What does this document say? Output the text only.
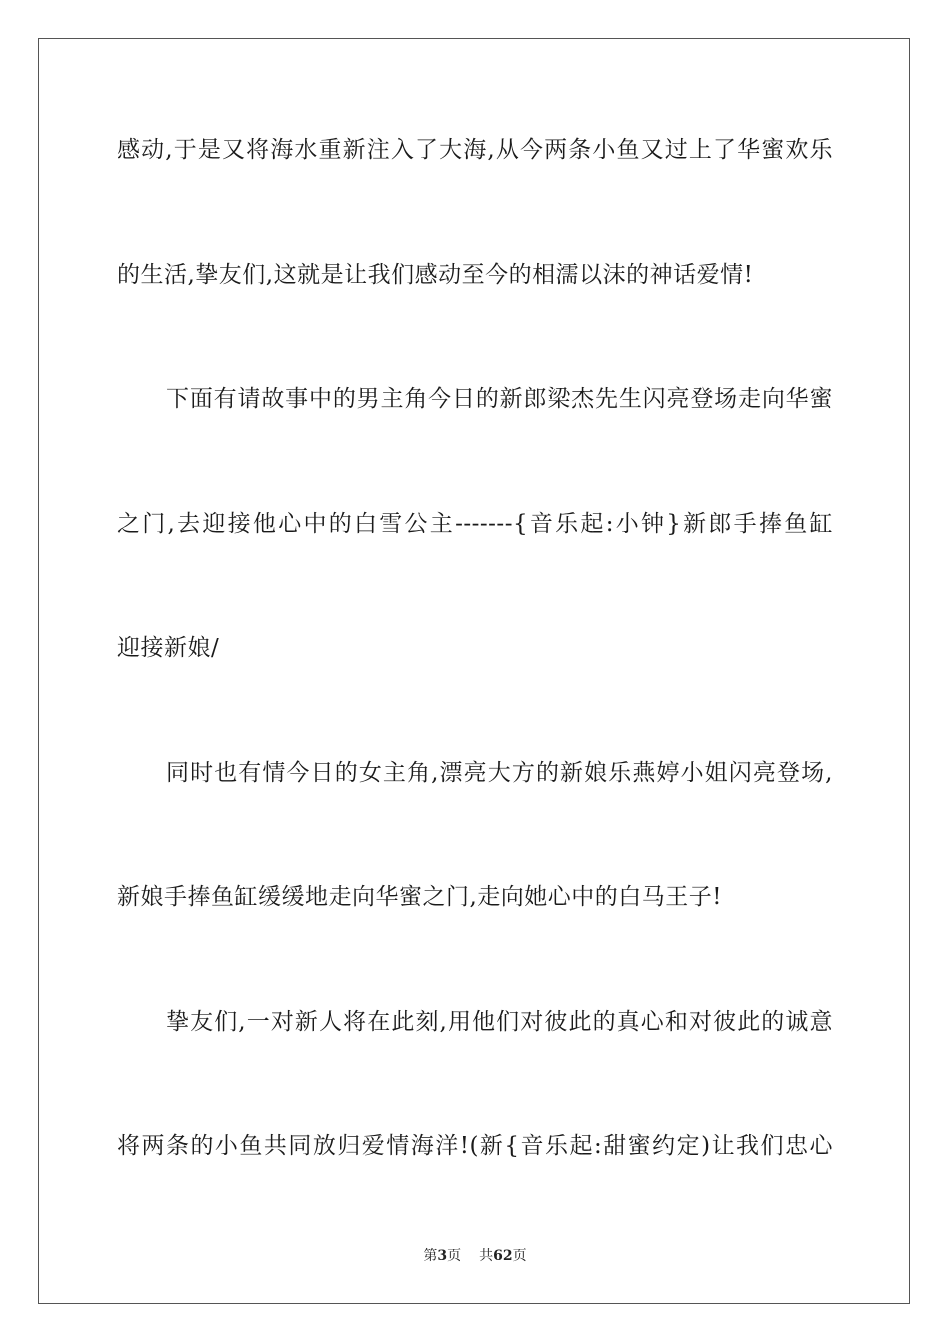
感动,于是又将海水重新注入了大海,从今两条小鱼又过上了华蜜欢乐
的生活,挚友们,这就是让我们感动至今的相濡以沫的神话爱情!
下面有请故事中的男主角今日的新郎梁杰先生闪亮登场走向华蜜
之门,去迎接他心中的白雪公主-------{音乐起:小钟}新郎手捧鱼缸
迎接新娘/
同时也有情今日的女主角,漂亮大方的新娘乐燕婷小姐闪亮登场,
新娘手捧鱼缸缓缓地走向华蜜之门,走向她心中的白马王子!
挚友们,一对新人将在此刻,用他们对彼此的真心和对彼此的诚意
将两条的小鱼共同放归爱情海洋!(新{音乐起:甜蜜约定)让我们忠心
第3页 共62页
